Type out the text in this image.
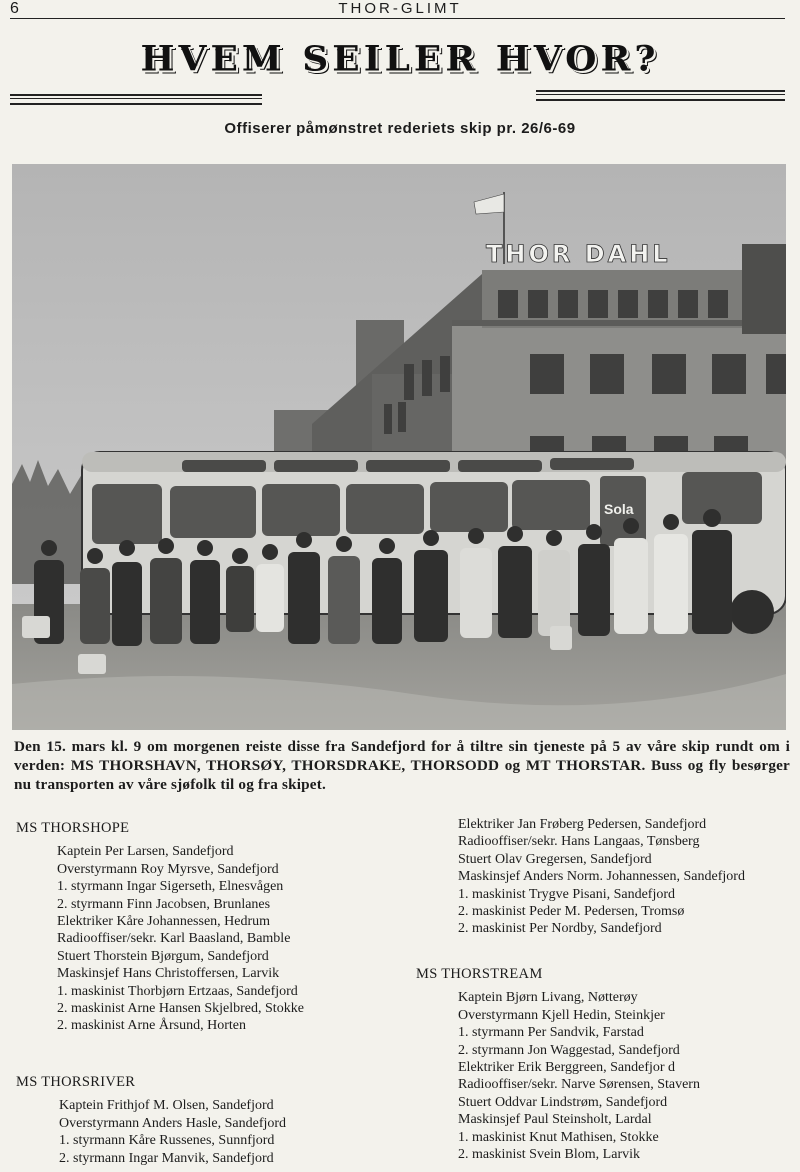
6	THOR-GLIMT
HVEM SEILER HVOR?
Offiserer påmønstret rederiets skip pr. 26/6-69
THOR DAHL
Sola
Den 15. mars kl. 9 om morgenen reiste disse fra Sandefjord for å tiltre sin tjeneste på 5 av våre skip rundt om i verden: MS THORSHAVN, THORSØY, THORSDRAKE, THORSODD og MT THORSTAR. Buss og fly besørger nu transporten av våre sjøfolk til og fra skipet.
MS THORSHOPE
Kaptein Per Larsen, Sandefjord
Overstyrmann Roy Myrsve, Sandefjord
1. styrmann Ingar Sigerseth, Elnesvågen
2. styrmann Finn Jacobsen, Brunlanes
Elektriker Kåre Johannessen, Hedrum
Radiooffiser/sekr. Karl Baasland, Bamble
Stuert Thorstein Bjørgum, Sandefjord
Maskinsjef Hans Christoffersen, Larvik
1. maskinist Thorbjørn Ertzaas, Sandefjord
2. maskinist Arne Hansen Skjelbred, Stokke
2. maskinist Arne Årsund, Horten
MS THORSRIVER
Kaptein Frithjof M. Olsen, Sandefjord
Overstyrmann Anders Hasle, Sandefjord
1. styrmann Kåre Russenes, Sunnfjord
2. styrmann Ingar Manvik, Sandefjord
Elektriker Jan Frøberg Pedersen, Sandefjord
Radiooffiser/sekr. Hans Langaas, Tønsberg
Stuert Olav Gregersen, Sandefjord
Maskinsjef Anders Norm. Johannessen, Sandefjord
1. maskinist Trygve Pisani, Sandefjord
2. maskinist Peder M. Pedersen, Tromsø
2. maskinist Per Nordby, Sandefjord
MS THORSTREAM
Kaptein Bjørn Livang, Nøtterøy
Overstyrmann Kjell Hedin, Steinkjer
1. styrmann Per Sandvik, Farstad
2. styrmann Jon Waggestad, Sandefjord
Elektriker Erik Berggreen, Sandefjor d
Radiooffiser/sekr. Narve Sørensen, Stavern
Stuert Oddvar Lindstrøm, Sandefjord
Maskinsjef Paul Steinsholt, Lardal
1. maskinist Knut Mathisen, Stokke
2. maskinist Svein Blom, Larvik
